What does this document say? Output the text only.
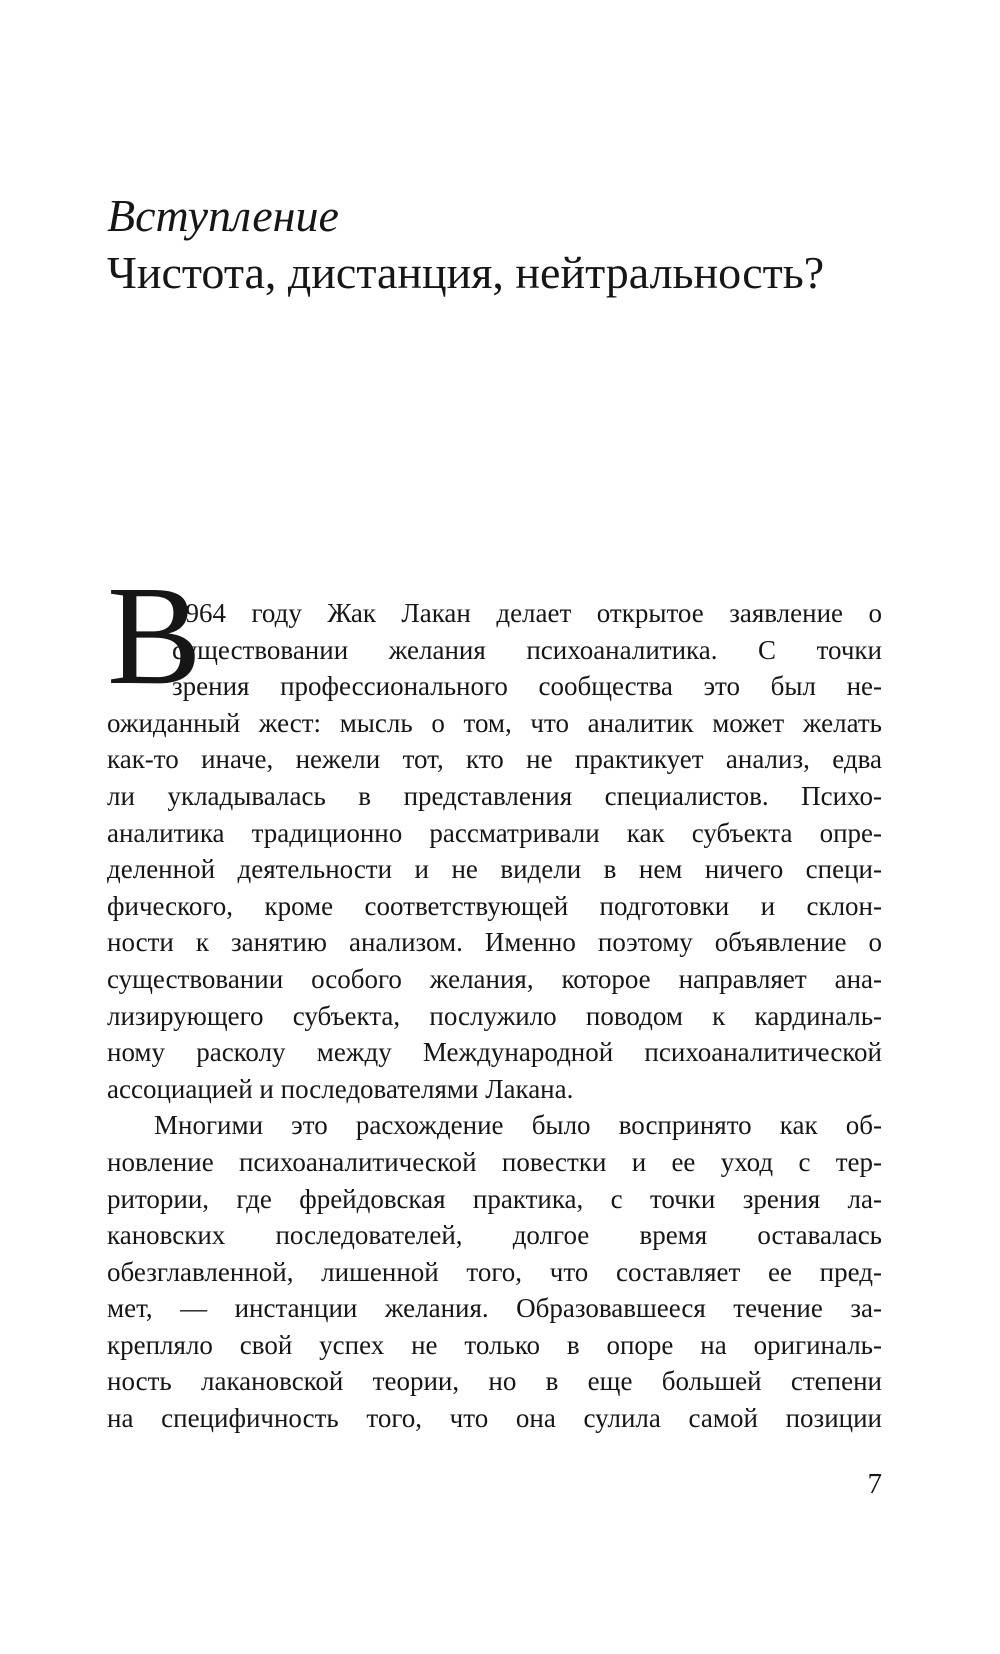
Вступление
Чистота, дистанция, нейтральность?
В
1964 году Жак Лакан делает открытое заявление о
существовании желания психоаналитика. С точки
зрения профессионального сообщества это был не-
ожиданный жест: мысль о том, что аналитик может желать
как-то иначе, нежели тот, кто не практикует анализ, едва
ли укладывалась в представления специалистов. Психо-
аналитика традиционно рассматривали как субъекта опре-
деленной деятельности и не видели в нем ничего специ-
фического, кроме соответствующей подготовки и склон-
ности к занятию анализом. Именно поэтому объявление о
существовании особого желания, которое направляет ана-
лизирующего субъекта, послужило поводом к кардиналь-
ному расколу между Международной психоаналитической
ассоциацией и последователями Лакана.
Многими это расхождение было воспринято как об-
новление психоаналитической повестки и ее уход с тер-
ритории, где фрейдовская практика, с точки зрения ла-
кановских последователей, долгое время оставалась
обезглавленной, лишенной того, что составляет ее пред-
мет, — инстанции желания. Образовавшееся течение за-
крепляло свой успех не только в опоре на оригиналь-
ность лакановской теории, но в еще большей степени
на специфичность того, что она сулила самой позиции
7
